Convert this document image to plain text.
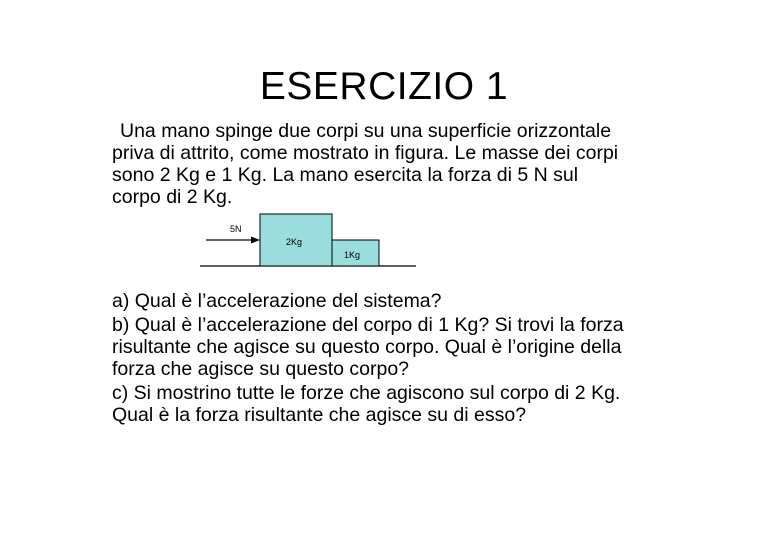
ESERCIZIO 1
Una mano spinge due corpi su una superficie orizzontale
priva di attrito, come mostrato in figura. Le masse dei corpi
sono 2 Kg e 1 Kg. La mano esercita la forza di 5 N sul
corpo di 2 Kg.
5N
2Kg
1Kg

a) Qual è l’accelerazione del sistema?

b) Qual è l’accelerazione del corpo di 1 Kg? Si trovi la forza
risultante che agisce su questo corpo. Qual è l’origine della
forza che agisce su questo corpo?

c) Si mostrino tutte le forze che agiscono sul corpo di 2 Kg.
Qual è la forza risultante che agisce su di esso?
